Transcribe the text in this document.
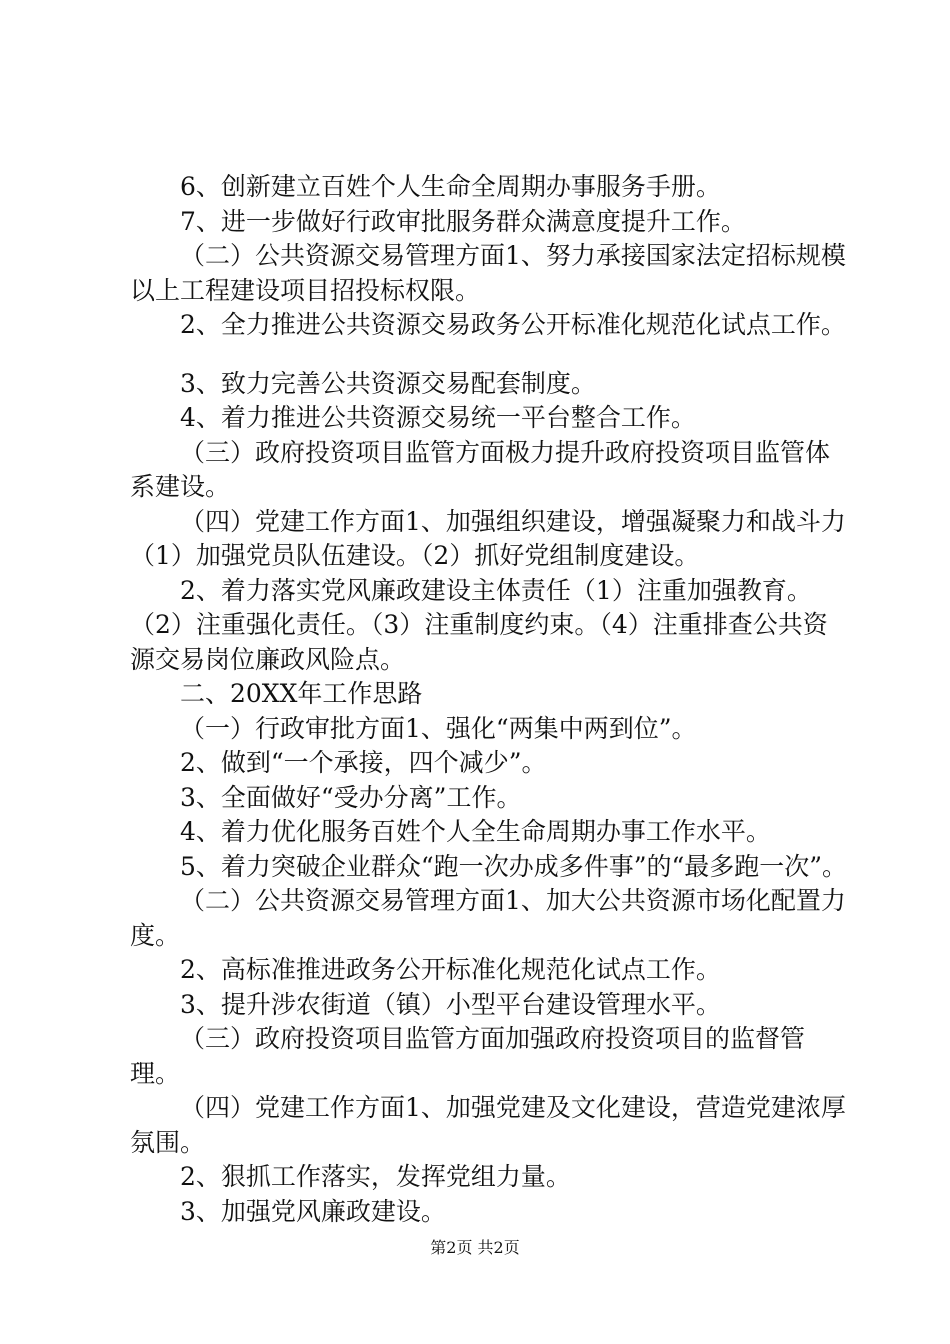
6、创新建立百姓个人生命全周期办事服务手册。

7、进一步做好行政审批服务群众满意度提升工作。

（二）公共资源交易管理方面1、努力承接国家法定招标规模以上工程建设项目招投标权限。

2、全力推进公共资源交易政务公开标准化规范化试点工作。

3、致力完善公共资源交易配套制度。

4、着力推进公共资源交易统一平台整合工作。

（三）政府投资项目监管方面极力提升政府投资项目监管体系建设。

（四）党建工作方面1、加强组织建设，增强凝聚力和战斗力（1）加强党员队伍建设。（2）抓好党组制度建设。

2、着力落实党风廉政建设主体责任（1）注重加强教育。（2）注重强化责任。（3）注重制度约束。（4）注重排查公共资源交易岗位廉政风险点。

二、20XX年工作思路

（一）行政审批方面1、强化“两集中两到位”。

2、做到“一个承接，四个减少”。

3、全面做好“受办分离”工作。

4、着力优化服务百姓个人全生命周期办事工作水平。

5、着力突破企业群众“跑一次办成多件事”的“最多跑一次”。

（二）公共资源交易管理方面1、加大公共资源市场化配置力度。

2、高标准推进政务公开标准化规范化试点工作。

3、提升涉农街道（镇）小型平台建设管理水平。

（三）政府投资项目监管方面加强政府投资项目的监督管理。

（四）党建工作方面1、加强党建及文化建设，营造党建浓厚氛围。

2、狠抓工作落实，发挥党组力量。

3、加强党风廉政建设。

第2页 共2页
